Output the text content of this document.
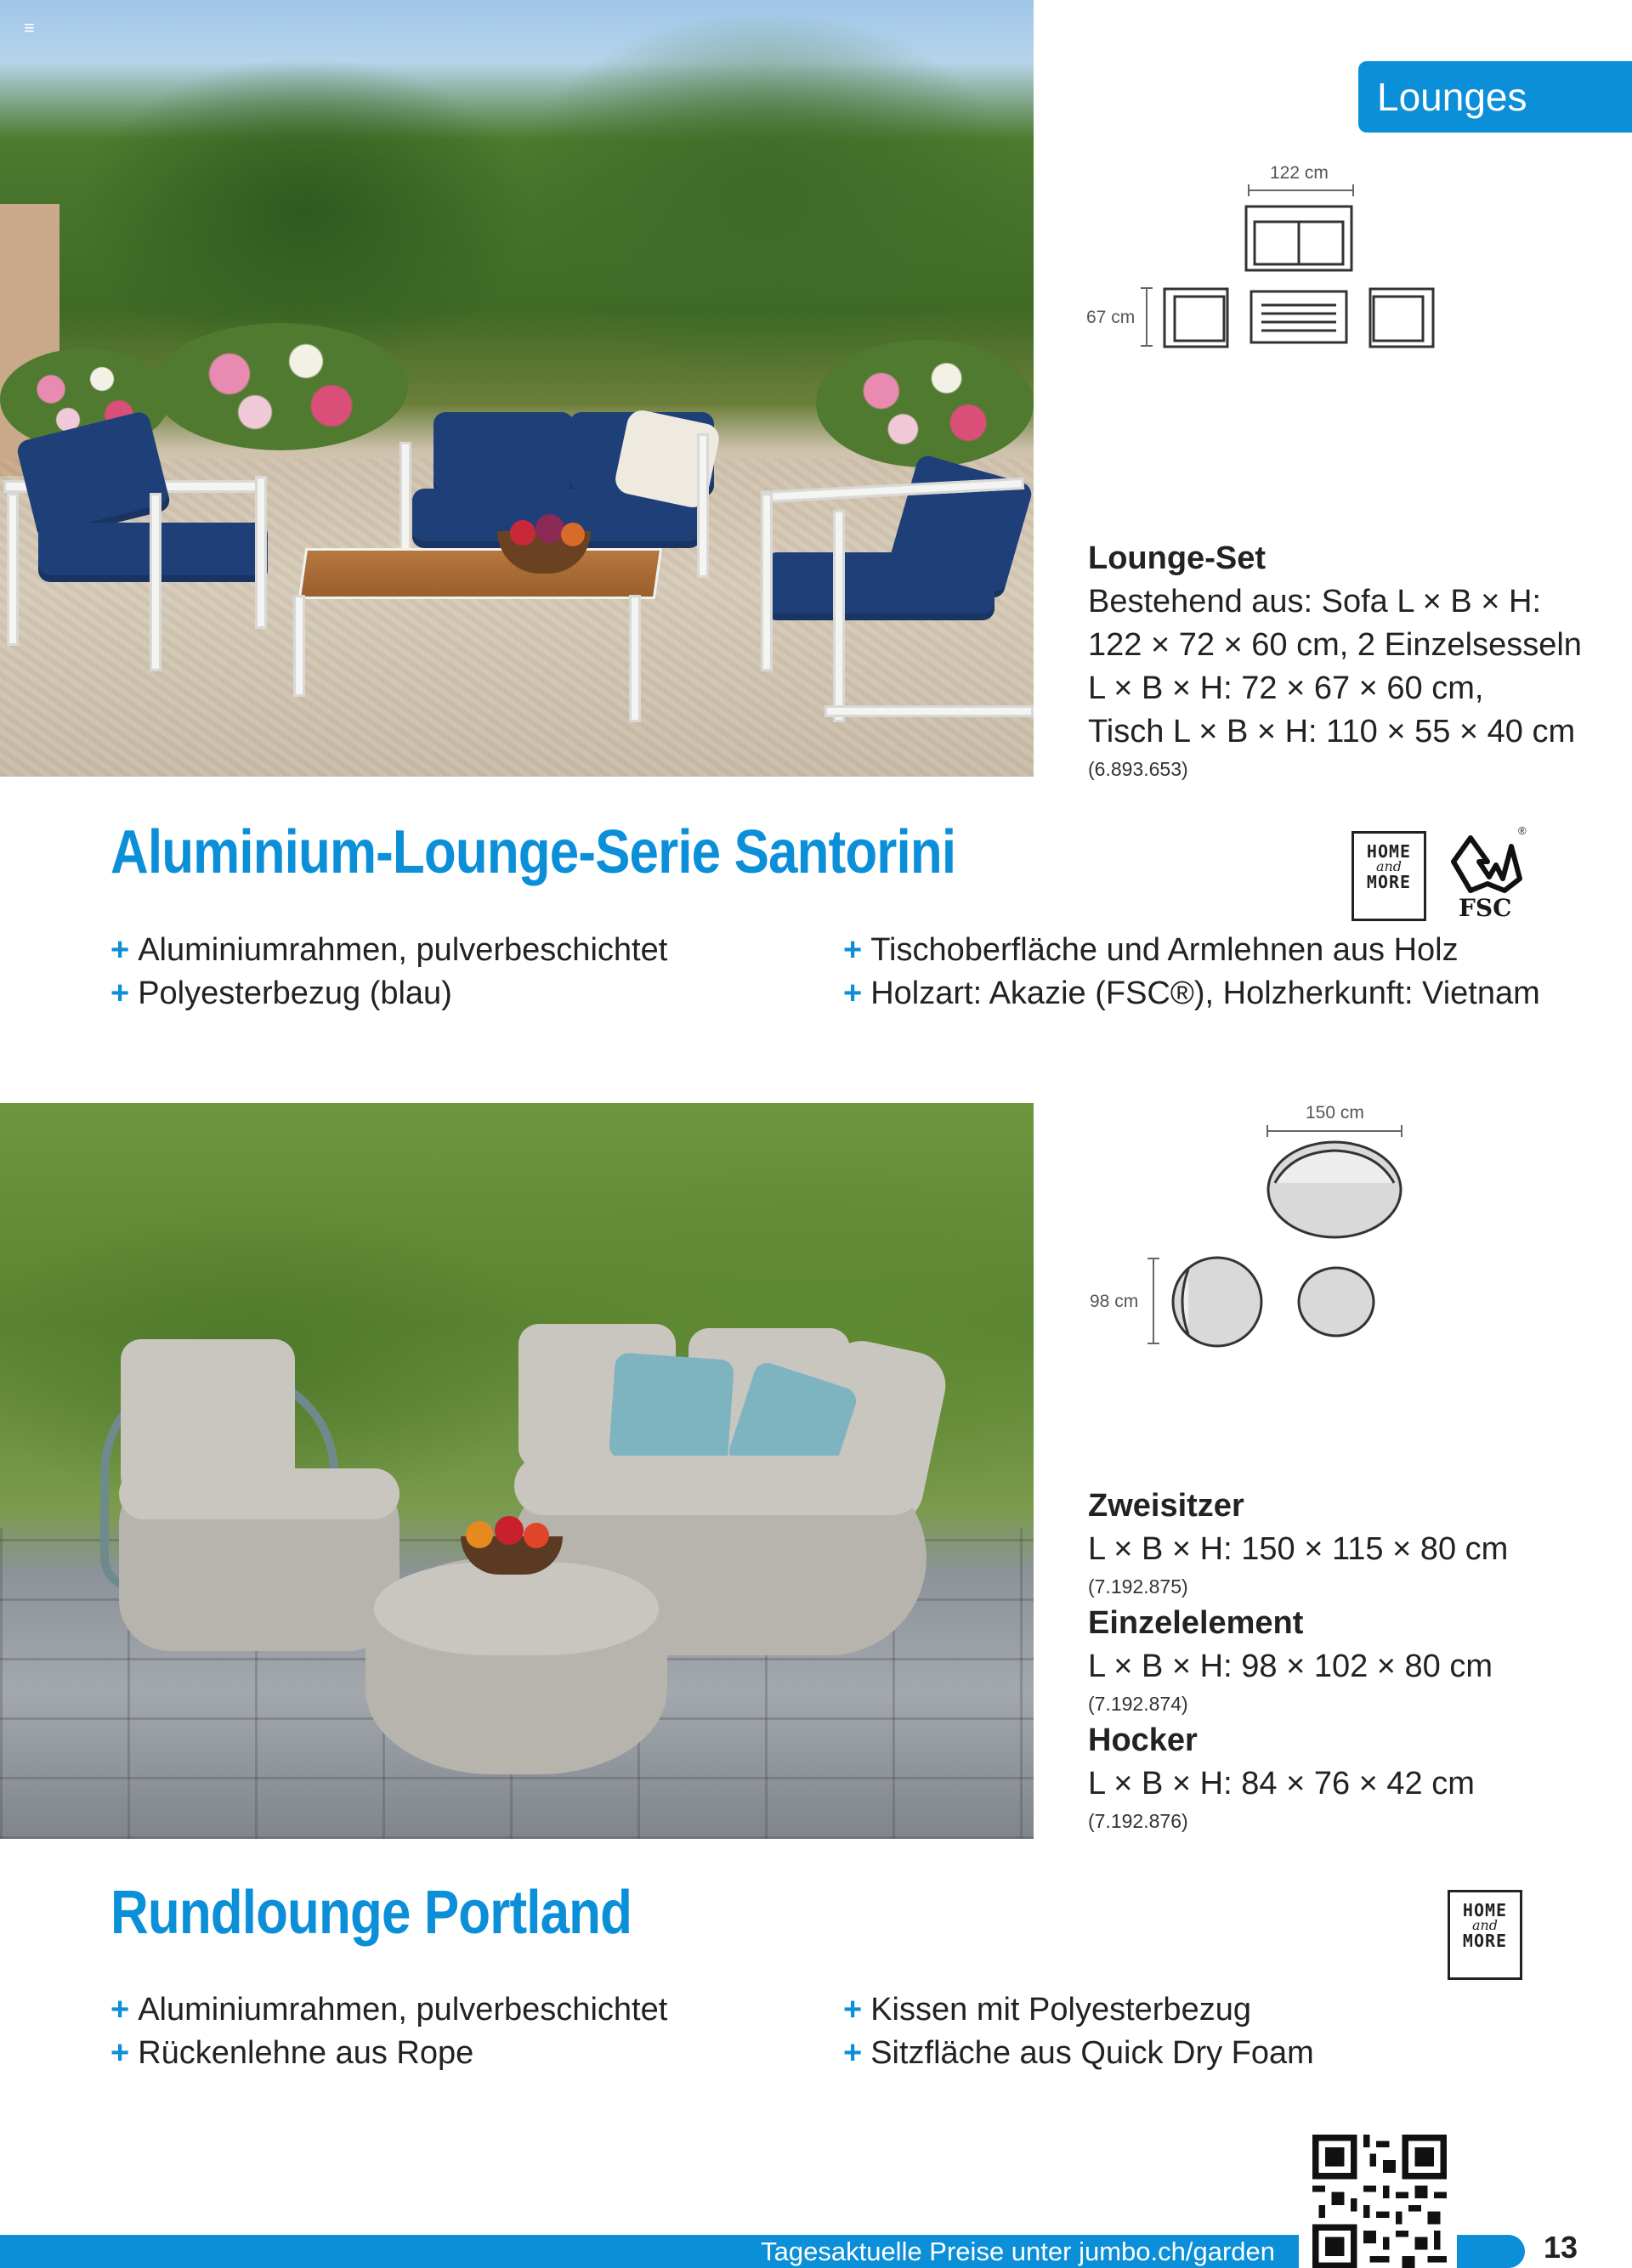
≡
Lounges
122 cm
67 cm
Lounge-Set
Bestehend aus: Sofa L × B × H:
122 × 72 × 60 cm, 2 Einzelsesseln
L × B × H: 72 × 67 × 60 cm,
Tisch L × B × H: 110 × 55 × 40 cm
(6.893.653)
Aluminium-Lounge-Serie Santorini	HOME
and
MORE
®
FSC
+ Aluminiumrahmen, pulverbeschichtet
+ Polyesterbezug (blau)
+ Tischoberfläche und Armlehnen aus Holz
+ Holzart: Akazie (FSC®), Holzherkunft: Vietnam
150 cm
98 cm
Zweisitzer
L × B × H: 150 × 115 × 80 cm
(7.192.875)
Einzelelement
L × B × H: 98 × 102 × 80 cm
(7.192.874)
Hocker
L × B × H: 84 × 76 × 42 cm
(7.192.876)
Rundlounge Portland	HOME
and
MORE
+ Aluminiumrahmen, pulverbeschichtet
+ Rückenlehne aus Rope
+ Kissen mit Polyesterbezug
+ Sitzfläche aus Quick Dry Foam
Tagesaktuelle Preise unter jumbo.ch/garden	13
